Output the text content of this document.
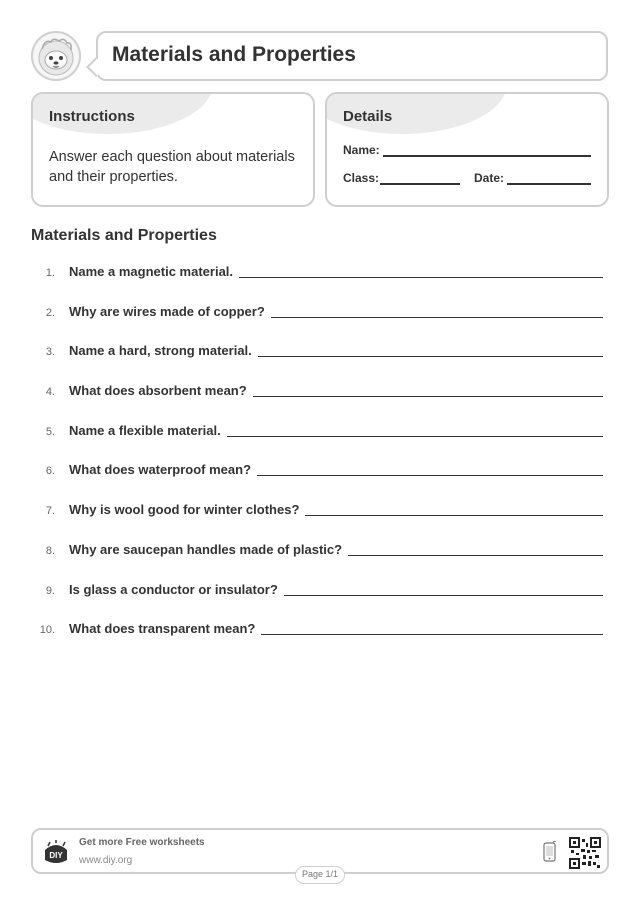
Materials and Properties
Instructions
Answer each question about materials and their properties.
Details
Name:
Class:	Date:
Materials and Properties
1. Name a magnetic material.
2. Why are wires made of copper?
3. Name a hard, strong material.
4. What does absorbent mean?
5. Name a flexible material.
6. What does waterproof mean?
7. Why is wool good for winter clothes?
8. Why are saucepan handles made of plastic?
9. Is glass a conductor or insulator?
10. What does transparent mean?
DIY
Get more Free worksheets
www.diy.org
Page 1/1
